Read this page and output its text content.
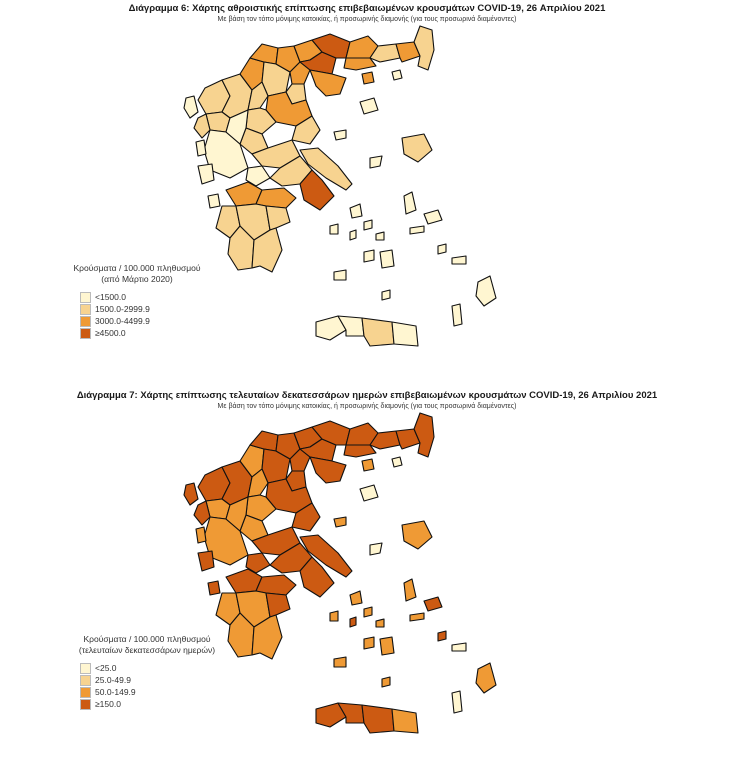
Διάγραμμα 6: Χάρτης αθροιστικής επίπτωσης επιβεβαιωμένων κρουσμάτων COVID-19, 26 Απριλίου 2021
Με βάση τον τόπο μόνιμης κατοικίας, ή προσωρινής διαμονής (για τους προσωρινά διαμένοντες)
Κρούσματα / 100.000 πληθυσμού
(από Μάρτιο 2020)
<1500.0
1500.0-2999.9
3000.0-4499.9
≥4500.0
Διάγραμμα 7: Χάρτης επίπτωσης τελευταίων δεκατεσσάρων ημερών επιβεβαιωμένων κρουσμάτων COVID-19, 26 Απριλίου 2021
Με βάση τον τόπο μόνιμης κατοικίας, ή προσωρινής διαμονής (για τους προσωρινά διαμένοντες)
Κρούσματα / 100.000 πληθυσμού
(τελευταίων δεκατεσσάρων ημερών)
<25.0
25.0-49.9
50.0-149.9
≥150.0
